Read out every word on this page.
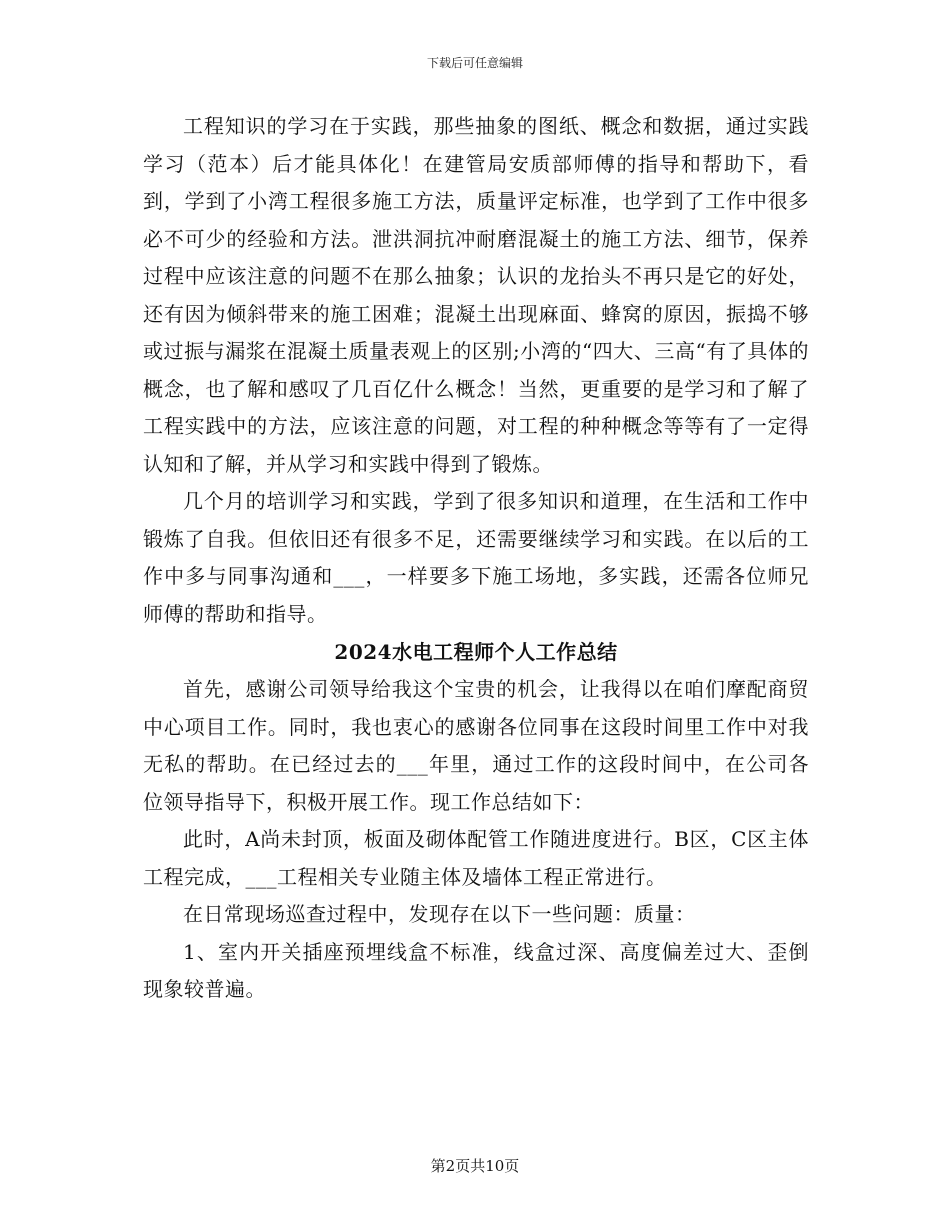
下载后可任意编辑

工程知识的学习在于实践，那些抽象的图纸、概念和数据，通过实践学习（范本）后才能具体化！在建管局安质部师傅的指导和帮助下，看到，学到了小湾工程很多施工方法，质量评定标准，也学到了工作中很多必不可少的经验和方法。泄洪洞抗冲耐磨混凝土的施工方法、细节，保养过程中应该注意的问题不在那么抽象；认识的龙抬头不再只是它的好处，还有因为倾斜带来的施工困难；混凝土出现麻面、蜂窝的原因，振捣不够或过振与漏浆在混凝土质量表观上的区别;小湾的“四大、三高“有了具体的概念，也了解和感叹了几百亿什么概念！当然，更重要的是学习和了解了工程实践中的方法，应该注意的问题，对工程的种种概念等等有了一定得认知和了解，并从学习和实践中得到了锻炼。

几个月的培训学习和实践，学到了很多知识和道理，在生活和工作中锻炼了自我。但依旧还有很多不足，还需要继续学习和实践。在以后的工作中多与同事沟通和___，一样要多下施工场地，多实践，还需各位师兄师傅的帮助和指导。

2024水电工程师个人工作总结

首先，感谢公司领导给我这个宝贵的机会，让我得以在咱们摩配商贸中心项目工作。同时，我也衷心的感谢各位同事在这段时间里工作中对我无私的帮助。在已经过去的___年里，通过工作的这段时间中，在公司各位领导指导下，积极开展工作。现工作总结如下：

此时，A尚未封顶，板面及砌体配管工作随进度进行。B区，C区主体工程完成，___工程相关专业随主体及墙体工程正常进行。

在日常现场巡查过程中，发现存在以下一些问题：质量：

1、室内开关插座预埋线盒不标准，线盒过深、高度偏差过大、歪倒现象较普遍。

第2页共10页
